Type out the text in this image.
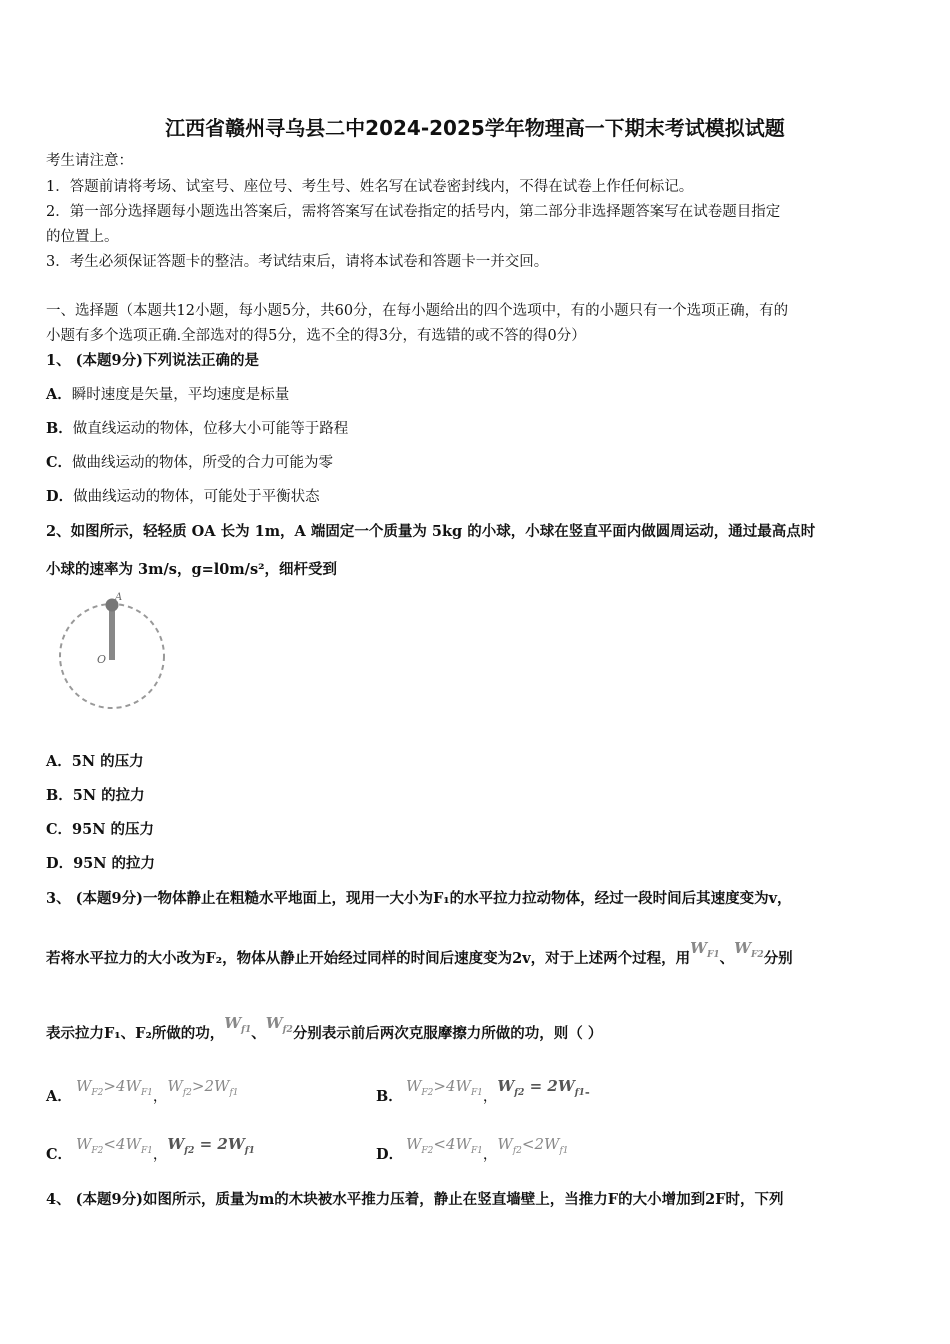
江西省赣州寻乌县二中2024-2025学年物理高一下期末考试模拟试题
考生请注意：
1．答题前请将考场、试室号、座位号、考生号、姓名写在试卷密封线内，不得在试卷上作任何标记。
2．第一部分选择题每小题选出答案后，需将答案写在试卷指定的括号内，第二部分非选择题答案写在试卷题目指定
的位置上。
3．考生必须保证答题卡的整洁。考试结束后，请将本试卷和答题卡一并交回。
一、选择题（本题共12小题，每小题5分，共60分，在每小题给出的四个选项中，有的小题只有一个选项正确，有的
小题有多个选项正确.全部选对的得5分，选不全的得3分，有选错的或不答的得0分）
1、 (本题9分)下列说法正确的是
A．瞬时速度是矢量，平均速度是标量
B．做直线运动的物体，位移大小可能等于路程
C．做曲线运动的物体，所受的合力可能为零
D．做曲线运动的物体，可能处于平衡状态
2、如图所示，轻轻质 OA 长为 1m，A 端固定一个质量为 5kg 的小球，小球在竖直平面内做圆周运动，通过最高点时
小球的速率为 3m/s，g=l0m/s²，细杆受到
A
O
A．5N 的压力
B．5N 的拉力
C．95N 的压力
D．95N 的拉力
3、 (本题9分)一物体静止在粗糙水平地面上，现用一大小为F₁的水平拉力拉动物体，经过一段时间后其速度变为v，
若将水平拉力的大小改为F₂，物体从静止开始经过同样的时间后速度变为2v，对于上述两个过程，用$W_{F1}$、$W_{F2}$分别
表示拉力F₁、F₂所做的功，$W_{f1}$、$W_{f2}$分别表示前后两次克服摩擦力所做的功，则（ ）
A．$W_{F2}>4W_{F1}$，$W_{f2}>2W_{f1}$	B．$W_{F2}>4W_{F1}$，$W_{f2} = 2W_{f1}-$
C．$W_{F2}<4W_{F1}$，$W_{f2} = 2W_{f1}$	D．$W_{F2}<4W_{F1}$，$W_{f2}<2W_{f1}$
4、 (本题9分)如图所示，质量为m的木块被水平推力压着，静止在竖直墙壁上，当推力F的大小增加到2F时，下列
